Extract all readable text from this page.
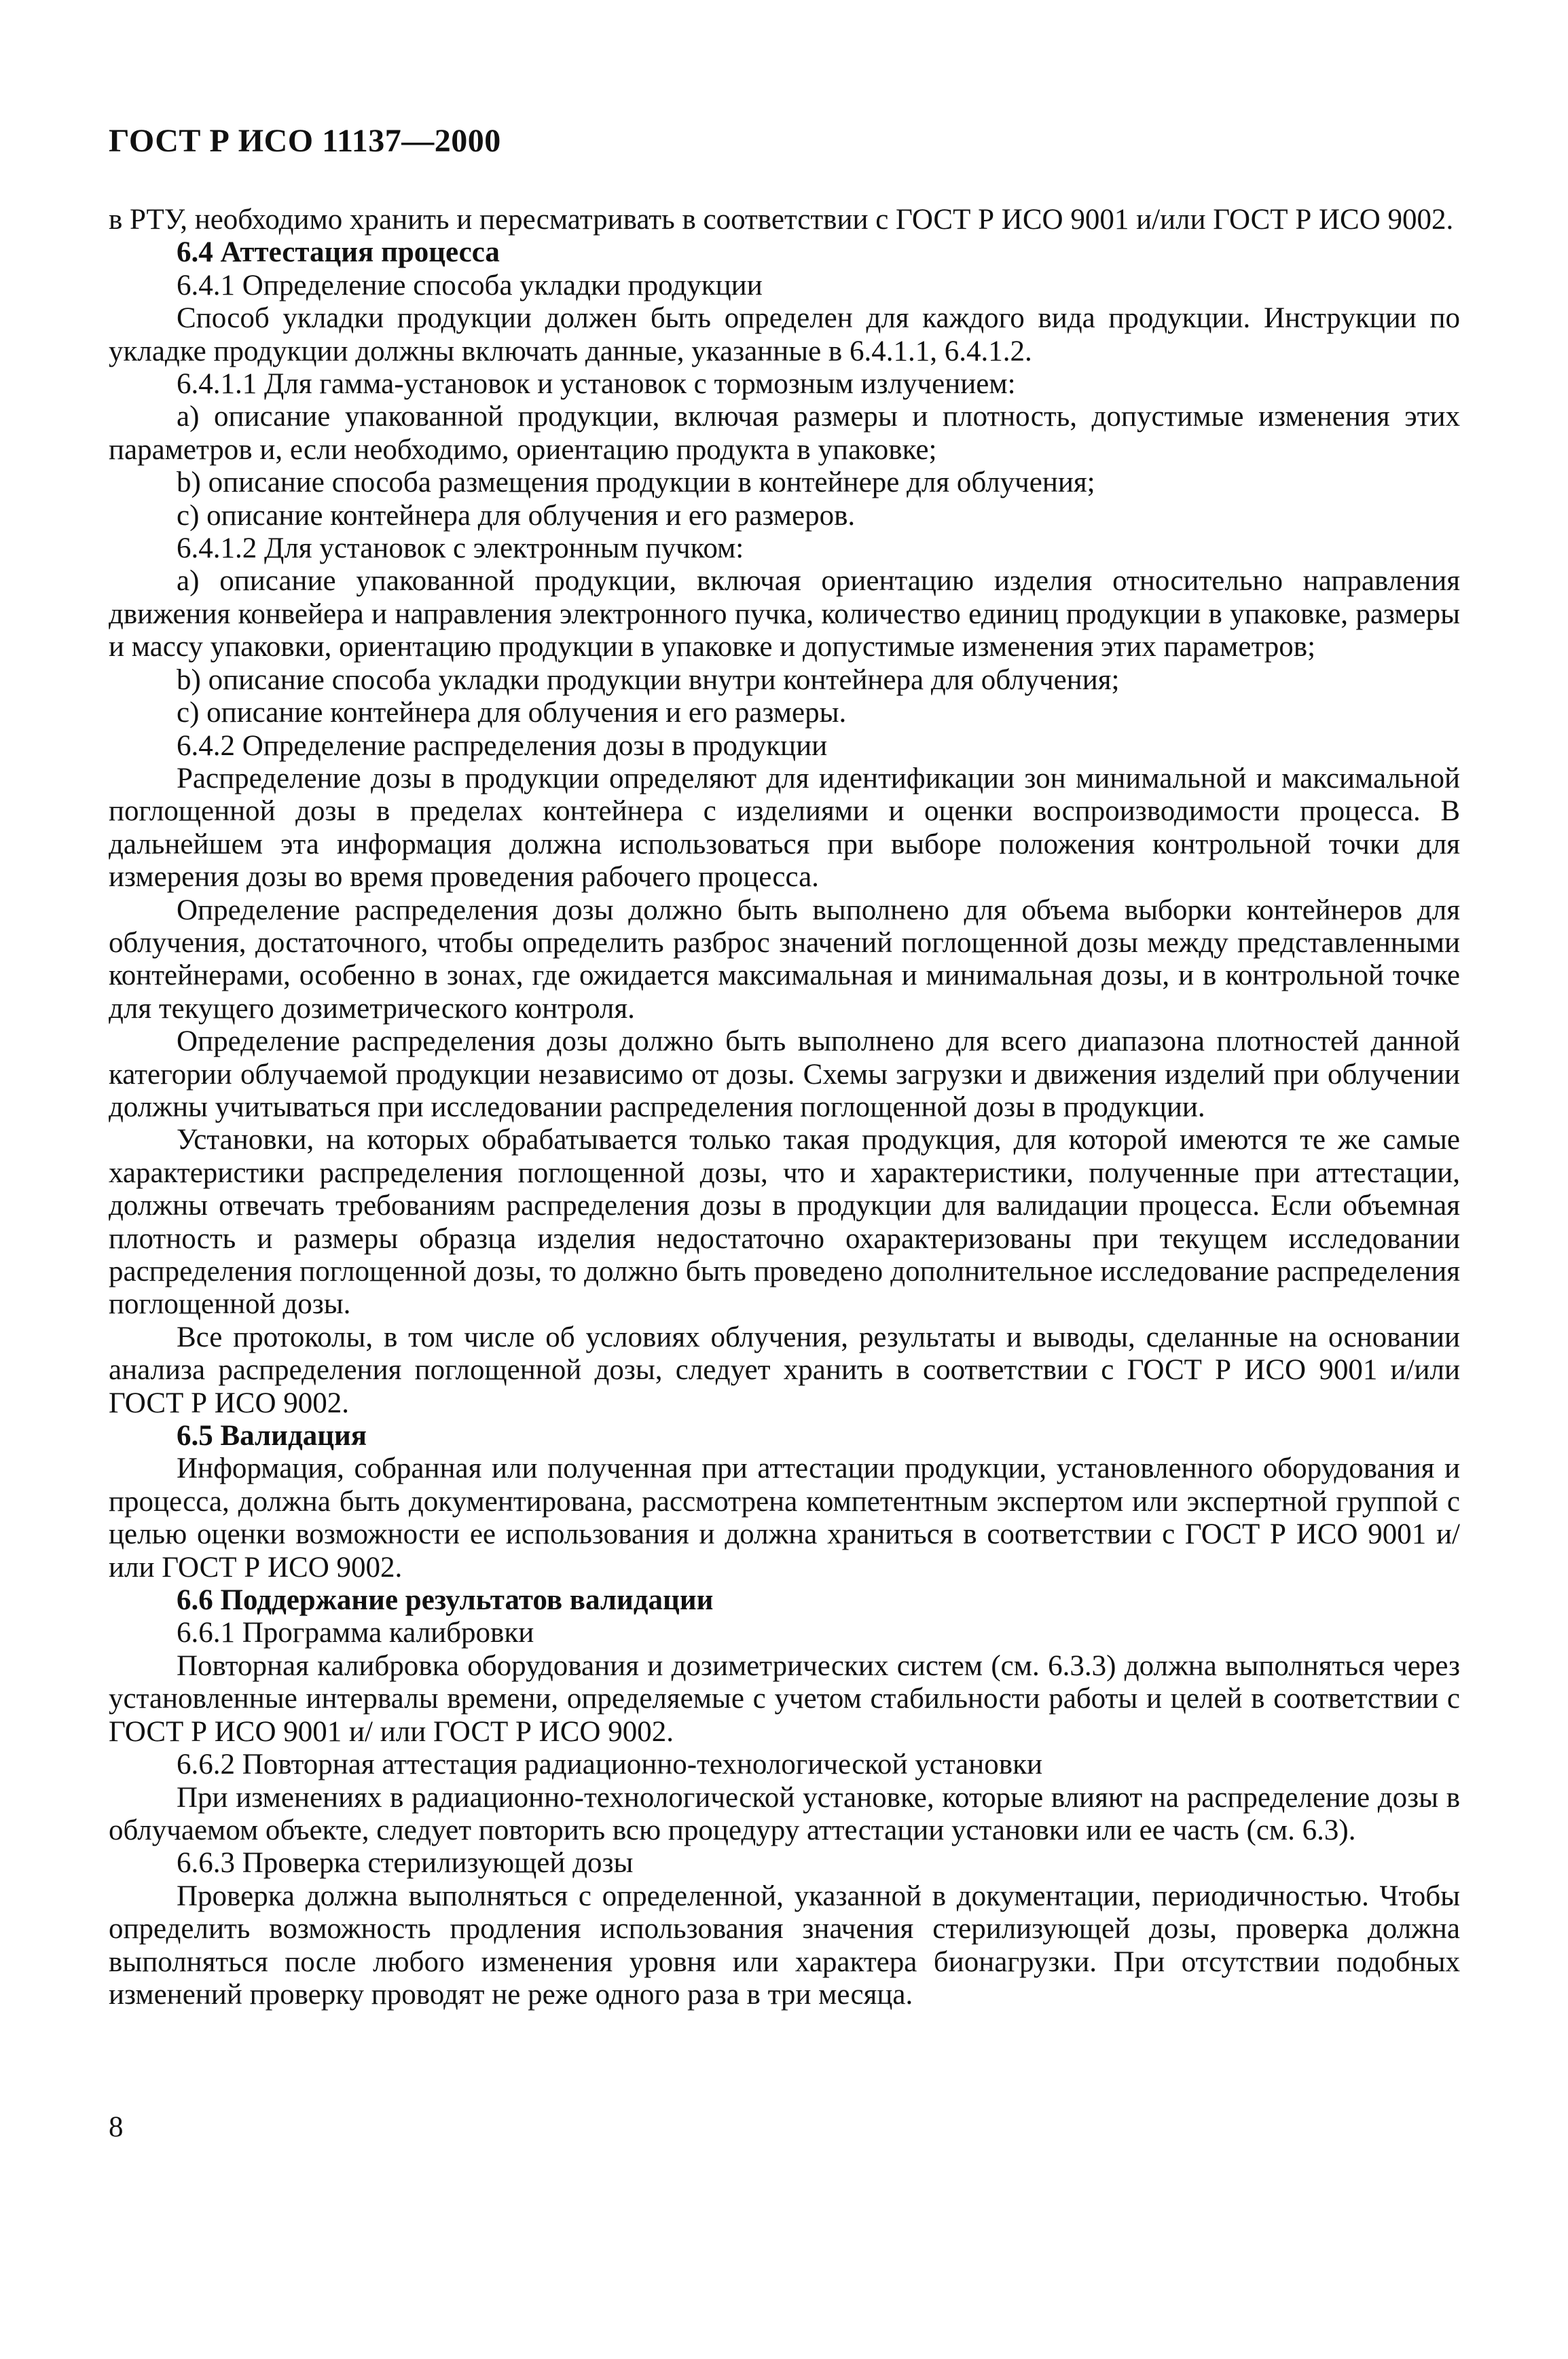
ГОСТ Р ИСО 11137—2000

в РТУ, необходимо хранить и пересматривать в соответствии с ГОСТ Р ИСО 9001 и/или ГОСТ Р ИСО 9002.

6.4 Аттестация процесса

6.4.1 Определение способа укладки продукции

Способ укладки продукции должен быть определен для каждого вида продукции. Инструкции по укладке продукции должны включать данные, указанные в 6.4.1.1, 6.4.1.2.

6.4.1.1 Для гамма-установок и установок с тормозным излучением:

а) описание упакованной продукции, включая размеры и плотность, допустимые изменения этих параметров и, если необходимо, ориентацию продукта в упаковке;

b) описание способа размещения продукции в контейнере для облучения;

с) описание контейнера для облучения и его размеров.

6.4.1.2 Для установок с электронным пучком:

а) описание упакованной продукции, включая ориентацию изделия относительно направления движения конвейера и направления электронного пучка, количество единиц продукции в упаковке, размеры и массу упаковки, ориентацию продукции в упаковке и допустимые изменения этих параметров;

b) описание способа укладки продукции внутри контейнера для облучения;

с) описание контейнера для облучения и его размеры.

6.4.2 Определение распределения дозы в продукции

Распределение дозы в продукции определяют для идентификации зон минимальной и максимальной поглощенной дозы в пределах контейнера с изделиями и оценки воспроизводимости процесса. В дальнейшем эта информация должна использоваться при выборе положения контрольной точки для измерения дозы во время проведения рабочего процесса.

Определение распределения дозы должно быть выполнено для объема выборки контейнеров для облучения, достаточного, чтобы определить разброс значений поглощенной дозы между представленными контейнерами, особенно в зонах, где ожидается максимальная и минимальная дозы, и в контрольной точке для текущего дозиметрического контроля.

Определение распределения дозы должно быть выполнено для всего диапазона плотностей данной категории облучаемой продукции независимо от дозы. Схемы загрузки и движения изделий при облучении должны учитываться при исследовании распределения поглощенной дозы в продукции.

Установки, на которых обрабатывается только такая продукция, для которой имеются те же самые характеристики распределения поглощенной дозы, что и характеристики, полученные при аттестации, должны отвечать требованиям распределения дозы в продукции для валидации процесса. Если объемная плотность и размеры образца изделия недостаточно охарактеризованы при текущем исследовании распределения поглощенной дозы, то должно быть проведено дополнительное исследование распределения поглощенной дозы.

Все протоколы, в том числе об условиях облучения, результаты и выводы, сделанные на основании анализа распределения поглощенной дозы, следует хранить в соответствии с ГОСТ Р ИСО 9001 и/или ГОСТ Р ИСО 9002.

6.5 Валидация

Информация, собранная или полученная при аттестации продукции, установленного оборудования и процесса, должна быть документирована, рассмотрена компетентным экспертом или экспертной группой с целью оценки возможности ее использования и должна храниться в соответствии с ГОСТ Р ИСО 9001 и/или ГОСТ Р ИСО 9002.

6.6 Поддержание результатов валидации

6.6.1 Программа калибровки

Повторная калибровка оборудования и дозиметрических систем (см. 6.3.3) должна выполняться через установленные интервалы времени, определяемые с учетом стабильности работы и целей в соответствии с ГОСТ Р ИСО 9001 и/ или ГОСТ Р ИСО 9002.

6.6.2 Повторная аттестация радиационно-технологической установки

При изменениях в радиационно-технологической установке, которые влияют на распределение дозы в облучаемом объекте, следует повторить всю процедуру аттестации установки или ее часть (см. 6.3).

6.6.3 Проверка стерилизующей дозы

Проверка должна выполняться с определенной, указанной в документации, периодичностью. Чтобы определить возможность продления использования значения стерилизующей дозы, проверка должна выполняться после любого изменения уровня или характера бионагрузки. При отсутствии подобных изменений проверку проводят не реже одного раза в три месяца.

8
